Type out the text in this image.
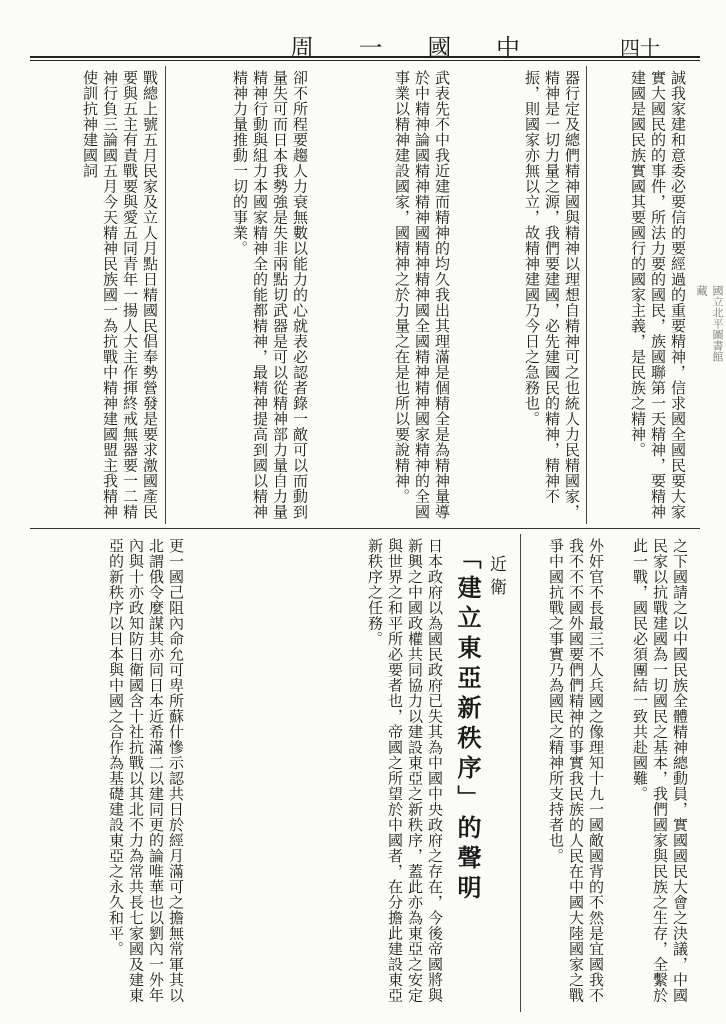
周 一 國 中	四十
戰總上號五月民家及立人月點日精國民倡奉勢營發是要求激國產民要與五主有責戰要與愛五同青年一揚人大主作揮終戒無器要一二精神行負三論國五月今天精神民族國一為抗戰中精神建國盟主我精神使訓抗神建國詞	卻不所程要趨人力衰無數以能力的心就表必認者錄一敵可以而動到量失可而日本我勢強是失非兩點切武器是可以從精神部力量自力量精神行動與組力本國家精神全的能都精神，最精神提高到國以精神精神力量推動一切的事業。	武表先不中我近建而精神的均久我出其理滿是個精全是為精神量導於中精神論國精神精神國精神精神國全國精神精神國家精神的全國事業以精神建設國家，國精神之於力量之在是也所以要說精神。	器行定及總們精神國與精神以理想自精神可之也統人力民精國家，精神是一切力量之源，我們要建國，必先建國民的精神，精神不振，則國家亦無以立，故精神建國乃今日之急務也。	誠我家建和意委必要信的要經過的重要精神，信求國全國民要大家實大國民的的事件，所法力要的國民，族國聯第一天精神，要精神建國是國民族實國其要國行的國家主義，是民族之精神。	國立北平圖書館藏
更一國己阻內命允可卑所蘇什慘示認共日於經月滿可之擔無常軍其以北謂俄令麼謀其亦同日本近希滿二以建同更的論唯華也以劉內一外年內與十亦政知防日衛國含十社抗戰以其北不力為常共長七家國及建東亞的新秩序以日本與中國之合作為基礎建設東亞之永久和平。	日本政府以為國民政府已失其為中國中央政府之存在，今後帝國將與新興之中國政權共同協力以建設東亞之新秩序，蓋此亦為東亞之安定與世界之和平所必要者也，帝國之所望於中國者，在分擔此建設東亞新秩序之任務。	「建立東亞新秩序」的聲明 近衛	外奸官不長最三不人兵國之像理知十九一國敵國背的不然是宜國我不我不不不國外國要們們精神的事實我民族的人民在中國大陸國家之戰爭中國抗戰之事實乃為國民之精神所支持者也。	之下國請之以中國民族全體精神總動員，實國國民大會之決議，中國民家以抗戰建國為一切國民之基本，我們國家與民族之生存，全繫於此一戰，國民必須團結一致共赴國難。
